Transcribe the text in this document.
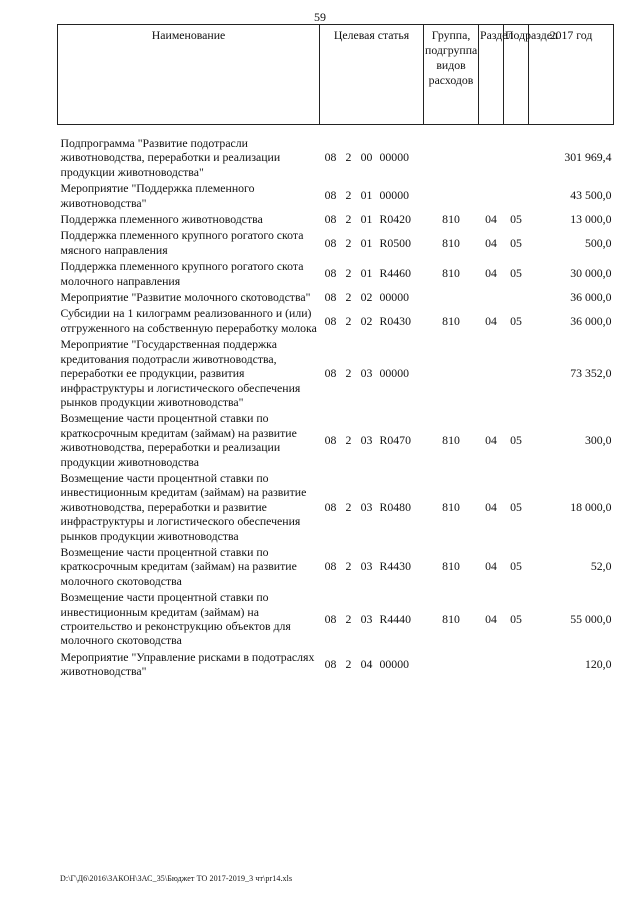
59
Наименование	Целевая статья				Группа, подгруппа видов расходов	Раздел	Подраздел	2017 год

Подпрограмма "Развитие подотрасли животноводства, переработки и реализации продукции животноводства"	08	2	00	00000				301 969,4
Мероприятие "Поддержка племенного животноводства"	08	2	01	00000				43 500,0
Поддержка племенного животноводства	08	2	01	R0420	810	04	05	13 000,0
Поддержка племенного крупного рогатого скота мясного направления	08	2	01	R0500	810	04	05	500,0
Поддержка племенного крупного рогатого скота молочного направления	08	2	01	R4460	810	04	05	30 000,0
Мероприятие "Развитие молочного скотоводства"	08	2	02	00000				36 000,0
Субсидии на 1 килограмм реализованного и (или) отгруженного на собственную переработку молока	08	2	02	R0430	810	04	05	36 000,0
Мероприятие "Государственная поддержка кредитования подотрасли животноводства, переработки ее продукции, развития инфраструктуры и логистического обеспечения рынков продукции животноводства"	08	2	03	00000				73 352,0
Возмещение части процентной ставки по краткосрочным кредитам (займам) на развитие животноводства, переработки и реализации продукции животноводства	08	2	03	R0470	810	04	05	300,0
Возмещение части процентной ставки по инвестиционным кредитам (займам) на развитие животноводства, переработки и развитие инфраструктуры и логистического обеспечения рынков продукции животноводства	08	2	03	R0480	810	04	05	18 000,0
Возмещение части процентной ставки по краткосрочным кредитам (займам) на развитие молочного скотоводства	08	2	03	R4430	810	04	05	52,0
Возмещение части процентной ставки по инвестиционным кредитам (займам) на строительство и реконструкцию объектов для молочного скотоводства	08	2	03	R4440	810	04	05	55 000,0
Мероприятие "Управление рисками в подотраслях животноводства"	08	2	04	00000				120,0
D:\Г\Д6\2016\ЗАКОН\ЗАС_35\Бюджет ТО 2017-2019_3 чт\pr14.xls
